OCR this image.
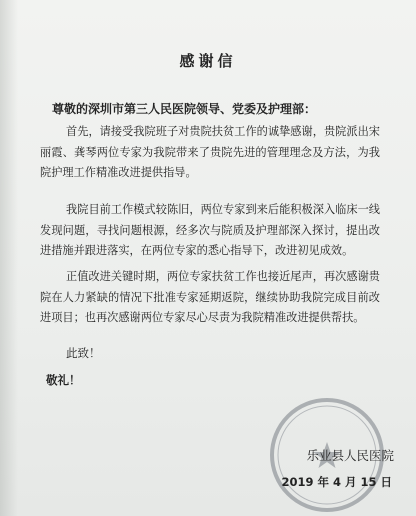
感谢信
尊敬的深圳市第三人民医院领导、党委及护理部：
首先，请接受我院班子对贵院扶贫工作的诚挚感谢，贵院派出宋丽霞、龚琴两位专家为我院带来了贵院先进的管理理念及方法，为我院护理工作精准改进提供指导。
我院目前工作模式较陈旧，两位专家到来后能积极深入临床一线发现问题，寻找问题根源，经多次与院质及护理部深入探讨，提出改进措施并跟进落实，在两位专家的悉心指导下，改进初见成效。
正值改进关键时期，两位专家扶贫工作也接近尾声，再次感谢贵院在人力紧缺的情况下批准专家延期返院，继续协助我院完成目前改进项目；也再次感谢两位专家尽心尽责为我院精准改进提供帮扶。
此致！
敬礼！
乐业县人民医院
2019 年 4 月 15 日
